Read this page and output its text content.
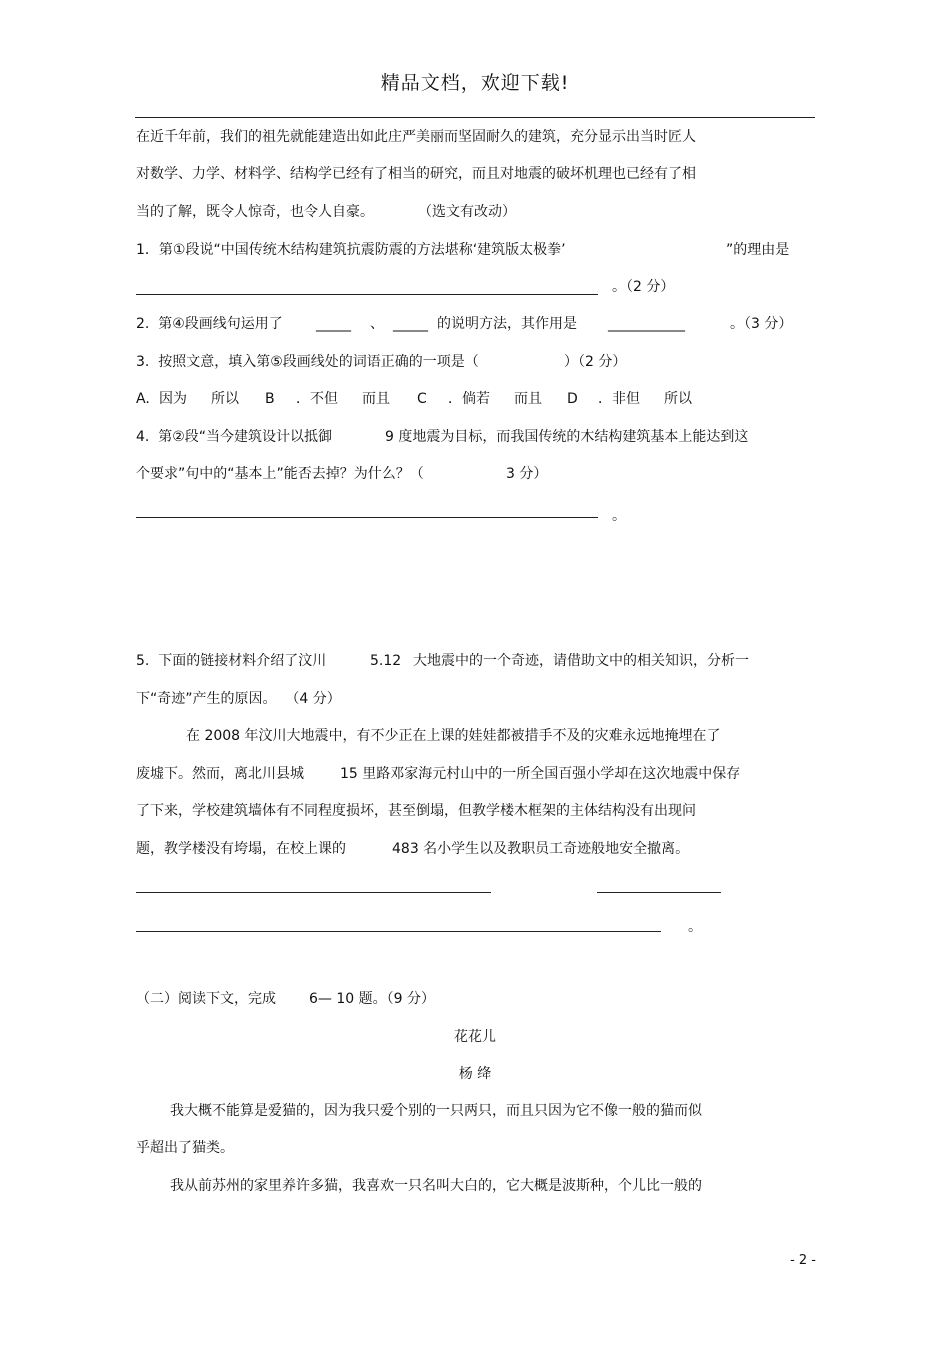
精品文档，欢迎下载!
在近千年前，我们的祖先就能建造出如此庄严美丽而坚固耐久的建筑，充分显示出当时匠人
对数学、力学、材料学、结构学已经有了相当的研究，而且对地震的破坏机理也已经有了相
当的了解，既令人惊奇，也令人自豪。	（选文有改动）
1．第①段说“中国传统木结构建筑抗震防震的方法堪称‘建筑版太极拳’	”的理由是
。（2 分）
2.  第④段画线句运用了 _____ 、 _____ 的说明方法，其作用是 ___________	。（3 分）
3.  按照文意，填入第⑤段画线处的词语正确的一项是（	）（2 分）
A. 因为 所以 B ．不但 而且 C ．倘若 而且 D ．非但 所以
4.  第②段“当今建筑设计以抵御	9 度地震为目标，而我国传统的木结构建筑基本上能达到这
个要求”句中的“基本上”能否去掉？为什么？（	3 分）
。
5.  下面的链接材料介绍了汶川	5.12 大地震中的一个奇迹，请借助文中的相关知识，分析一
下“奇迹”产生的原因。  （4 分）
在 2008 年汶川大地震中，有不少正在上课的娃娃都被措手不及的灾难永远地掩埋在了
废墟下。然而，离北川县城	15 里路邓家海元村山中的一所全国百强小学却在这次地震中保存
了下来，学校建筑墙体有不同程度损坏，甚至倒塌，但教学楼木框架的主体结构没有出现问
题，教学楼没有垮塌，在校上课的	483 名小学生以及教职员工奇迹般地安全撤离。
。
（二）阅读下文，完成 6— 10 题。（9 分）
花花儿
杨 绛
我大概不能算是爱猫的，因为我只爱个别的一只两只，而且只因为它不像一般的猫而似
乎超出了猫类。
我从前苏州的家里养许多猫，我喜欢一只名叫大白的，它大概是波斯种，个儿比一般的
- 2 -
